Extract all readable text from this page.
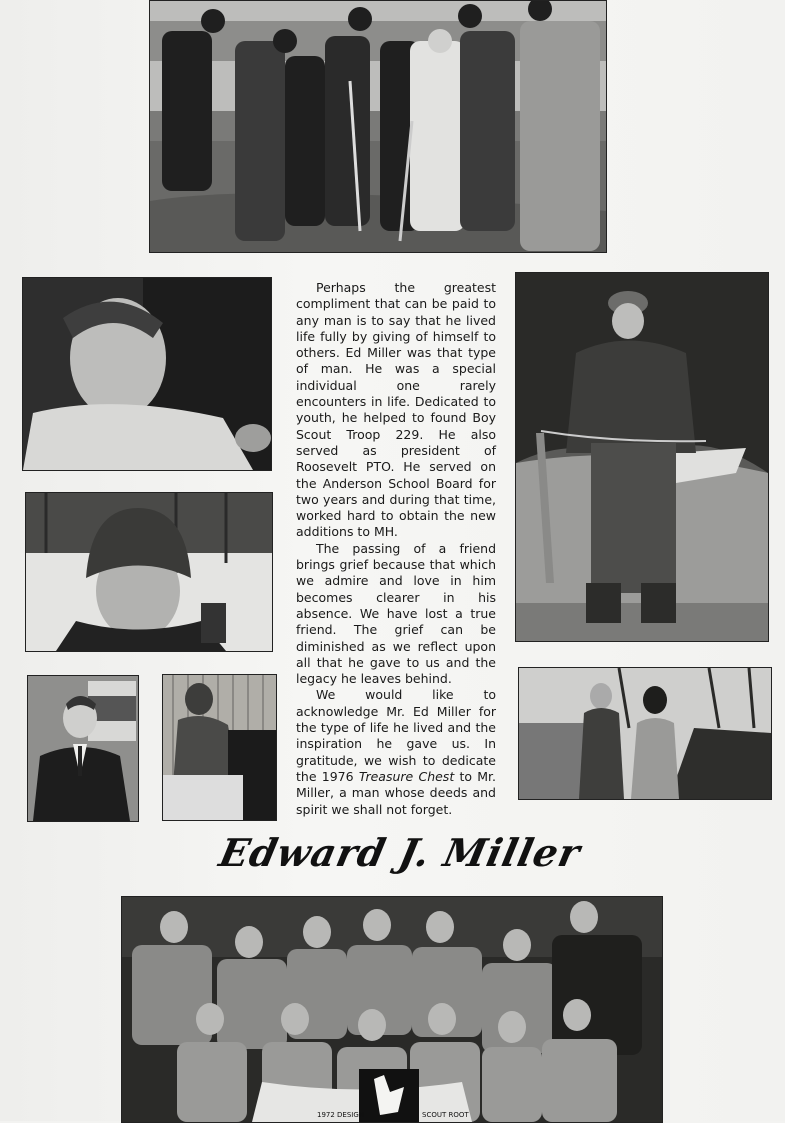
Perhaps the greatest compliment that can be paid to any man is to say that he lived life fully by giving of himself to others. Ed Miller was that type of man. He was a special individual one rarely encounters in life. Dedicated to youth, he helped to found Boy Scout Troop 229. He also served as president of Roosevelt PTO. He served on the Anderson School Board for two years and during that time, worked hard to obtain the new additions to MH.

The passing of a friend brings grief because that which we admire and love in him becomes clearer in his absence. We have lost a true friend. The grief can be diminished as we reflect upon all that he gave to us and the legacy he leaves behind.

We would like to acknowledge Mr. Ed Miller for the type of life he lived and the inspiration he gave us. In gratitude, we wish to dedicate the 1976 Treasure Chest to Mr. Miller, a man whose deeds and spirit we shall not forget.

Edward J. Miller
1972 DESIGN	SCOUT ROOT
